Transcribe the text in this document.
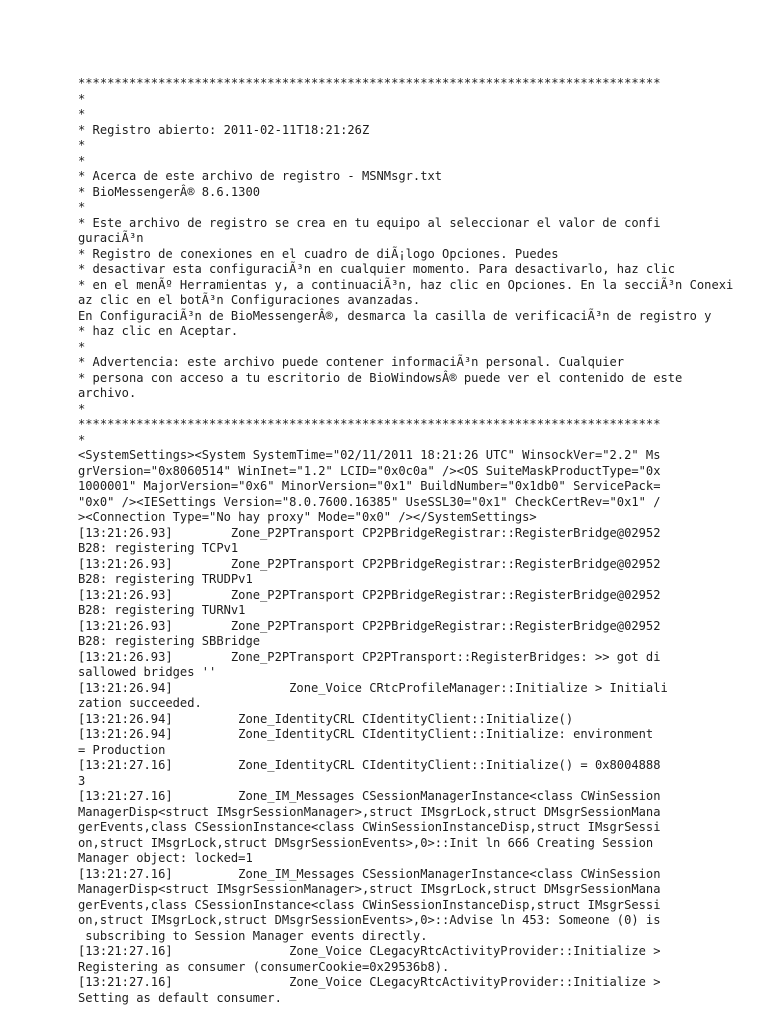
********************************************************************************
*
*
* Registro abierto: 2011-02-11T18:21:26Z
*
*
* Acerca de este archivo de registro - MSNMsgr.txt
* BioMessengerÂ® 8.6.1300
*
* Este archivo de registro se crea en tu equipo al seleccionar el valor de confi
guraciÃ³n
* Registro de conexiones en el cuadro de diÃ¡logo Opciones. Puedes
* desactivar esta configuraciÃ³n en cualquier momento. Para desactivarlo, haz clic
* en el menÃº Herramientas y, a continuaciÃ³n, haz clic en Opciones. En la secciÃ³n Conexi
az clic en el botÃ³n Configuraciones avanzadas.
En ConfiguraciÃ³n de BioMessengerÂ®, desmarca la casilla de verificaciÃ³n de registro y
* haz clic en Aceptar.
*
* Advertencia: este archivo puede contener informaciÃ³n personal. Cualquier
* persona con acceso a tu escritorio de BioWindowsÂ® puede ver el contenido de este
archivo.
*
********************************************************************************
*
<SystemSettings><System SystemTime="02/11/2011 18:21:26 UTC" WinsockVer="2.2" Ms
grVersion="0x8060514" WinInet="1.2" LCID="0x0c0a" /><OS SuiteMaskProductType="0x
1000001" MajorVersion="0x6" MinorVersion="0x1" BuildNumber="0x1db0" ServicePack=
"0x0" /><IESettings Version="8.0.7600.16385" UseSSL30="0x1" CheckCertRev="0x1" /
><Connection Type="No hay proxy" Mode="0x0" /></SystemSettings>
[13:21:26.93]        Zone_P2PTransport CP2PBridgeRegistrar::RegisterBridge@02952
B28: registering TCPv1
[13:21:26.93]        Zone_P2PTransport CP2PBridgeRegistrar::RegisterBridge@02952
B28: registering TRUDPv1
[13:21:26.93]        Zone_P2PTransport CP2PBridgeRegistrar::RegisterBridge@02952
B28: registering TURNv1
[13:21:26.93]        Zone_P2PTransport CP2PBridgeRegistrar::RegisterBridge@02952
B28: registering SBBridge
[13:21:26.93]        Zone_P2PTransport CP2PTransport::RegisterBridges: >> got di
sallowed bridges ''
[13:21:26.94]                Zone_Voice CRtcProfileManager::Initialize > Initiali
zation succeeded.
[13:21:26.94]         Zone_IdentityCRL CIdentityClient::Initialize()
[13:21:26.94]         Zone_IdentityCRL CIdentityClient::Initialize: environment
= Production
[13:21:27.16]         Zone_IdentityCRL CIdentityClient::Initialize() = 0x8004888
3
[13:21:27.16]         Zone_IM_Messages CSessionManagerInstance<class CWinSession
ManagerDisp<struct IMsgrSessionManager>,struct IMsgrLock,struct DMsgrSessionMana
gerEvents,class CSessionInstance<class CWinSessionInstanceDisp,struct IMsgrSessi
on,struct IMsgrLock,struct DMsgrSessionEvents>,0>::Init ln 666 Creating Session
Manager object: locked=1
[13:21:27.16]         Zone_IM_Messages CSessionManagerInstance<class CWinSession
ManagerDisp<struct IMsgrSessionManager>,struct IMsgrLock,struct DMsgrSessionMana
gerEvents,class CSessionInstance<class CWinSessionInstanceDisp,struct IMsgrSessi
on,struct IMsgrLock,struct DMsgrSessionEvents>,0>::Advise ln 453: Someone (0) is
subscribing to Session Manager events directly.
[13:21:27.16]                Zone_Voice CLegacyRtcActivityProvider::Initialize >
Registering as consumer (consumerCookie=0x29536b8).
[13:21:27.16]                Zone_Voice CLegacyRtcActivityProvider::Initialize >
Setting as default consumer.
